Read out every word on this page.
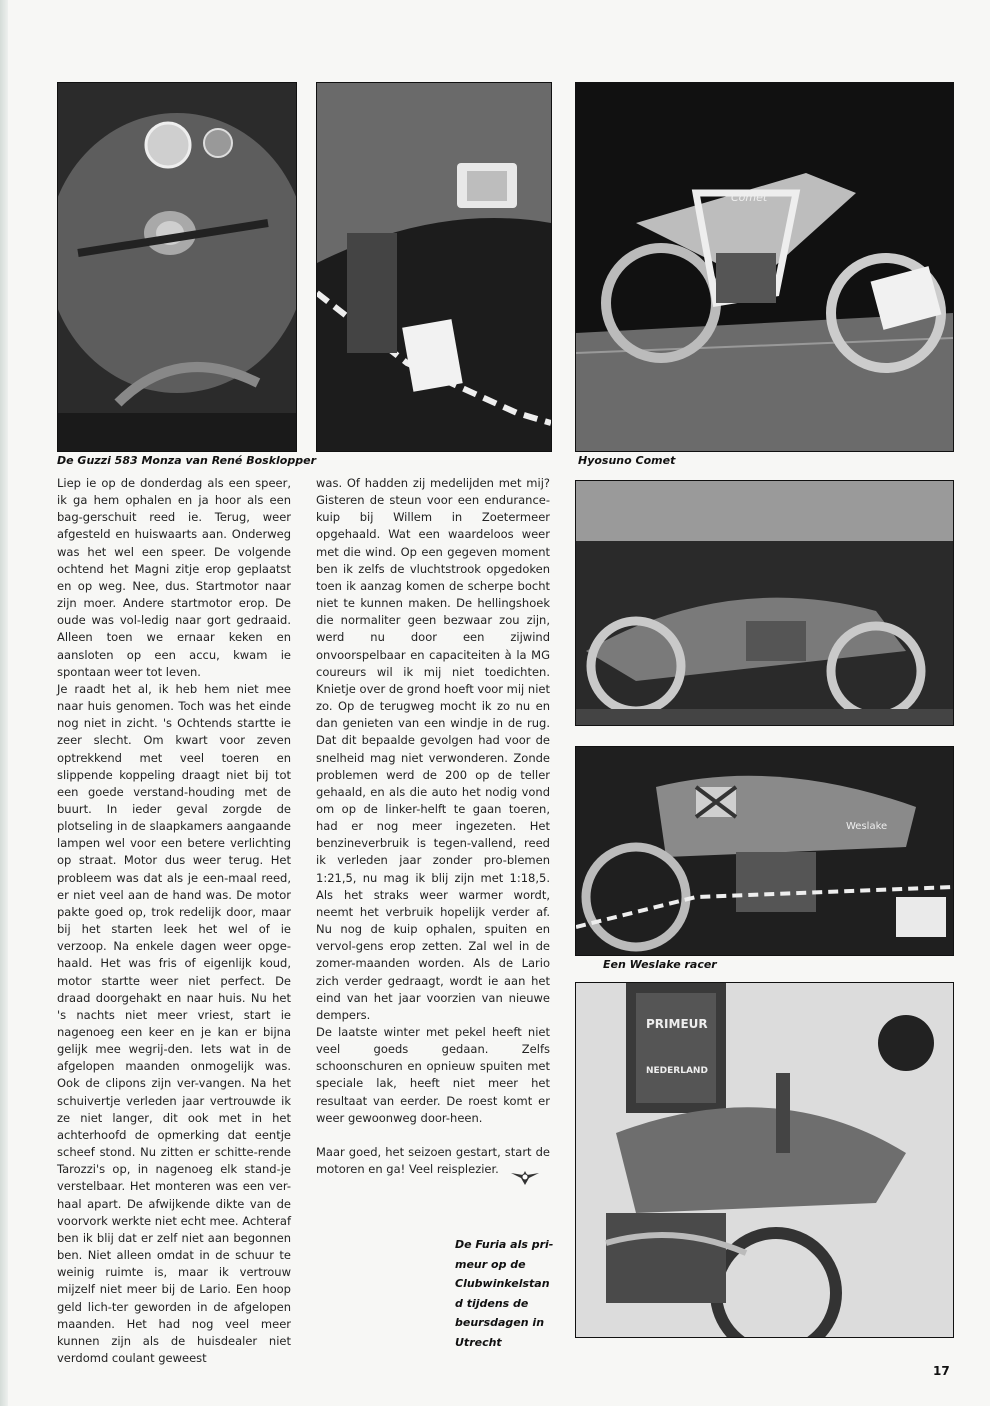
De Guzzi 583 Monza van René Bosklopper
Comet
Hyosuno Comet
Weslake
Een Weslake racer
PRIMEUR
NEDERLAND

Liep ie op de donderdag als een speer, ik ga hem ophalen en ja hoor als een bag-gerschuit reed ie. Terug, weer afgesteld en huiswaarts aan. Onderweg was het wel een speer. De volgende ochtend het Magni zitje erop geplaatst en op weg. Nee, dus. Startmotor naar zijn moer. Andere startmotor erop. De oude was vol-ledig naar gort gedraaid. Alleen toen we ernaar keken en aansloten op een accu, kwam ie spontaan weer tot leven.

Je raadt het al, ik heb hem niet mee naar huis genomen. Toch was het einde nog niet in zicht. 's Ochtends startte ie zeer slecht. Om kwart voor zeven optrekkend met veel toeren en slippende koppeling draagt niet bij tot een goede verstand-houding met de buurt. In ieder geval zorgde de plotseling in de slaapkamers aangaande lampen wel voor een betere verlichting op straat. Motor dus weer terug. Het probleem was dat als je een-maal reed, er niet veel aan de hand was. De motor pakte goed op, trok redelijk door, maar bij het starten leek het wel of ie verzoop. Na enkele dagen weer opge-haald. Het was fris of eigenlijk koud, motor startte weer niet perfect. De draad doorgehakt en naar huis. Nu het 's nachts niet meer vriest, start ie nagenoeg een keer en je kan er bijna gelijk mee wegrij-den. Iets wat in de afgelopen maanden onmogelijk was. Ook de clipons zijn ver-vangen. Na het schuivertje verleden jaar vertrouwde ik ze niet langer, dit ook met in het achterhoofd de opmerking dat eentje scheef stond. Nu zitten er schitte-rende Tarozzi's op, in nagenoeg elk stand-je verstelbaar. Het monteren was een ver-haal apart. De afwijkende dikte van de voorvork werkte niet echt mee. Achteraf ben ik blij dat er zelf niet aan begonnen ben. Niet alleen omdat in de schuur te weinig ruimte is, maar ik vertrouw mijzelf niet meer bij de Lario. Een hoop geld lich-ter geworden in de afgelopen maanden. Het had nog veel meer kunnen zijn als de huisdealer niet verdomd coulant geweest

was. Of hadden zij medelijden met mij? Gisteren de steun voor een endurance-kuip bij Willem in Zoetermeer opgehaald. Wat een waardeloos weer met die wind. Op een gegeven moment ben ik zelfs de vluchtstrook opgedoken toen ik aanzag komen de scherpe bocht niet te kunnen maken. De hellingshoek die normaliter geen bezwaar zou zijn, werd nu door een zijwind onvoorspelbaar en capaciteiten à la MG coureurs wil ik mij niet toedichten. Knietje over de grond hoeft voor mij niet zo. Op de terugweg mocht ik zo nu en dan genieten van een windje in de rug. Dat dit bepaalde gevolgen had voor de snelheid mag niet verwonderen. Zonde problemen werd de 200 op de teller gehaald, en als die auto het nodig vond om op de linker-helft te gaan toeren, had er nog meer ingezeten. Het benzineverbruik is tegen-vallend, reed ik verleden jaar zonder pro-blemen 1:21,5, nu mag ik blij zijn met 1:18,5. Als het straks weer warmer wordt, neemt het verbruik hopelijk verder af. Nu nog de kuip ophalen, spuiten en vervol-gens erop zetten. Zal wel in de zomer-maanden worden. Als de Lario zich verder gedraagt, wordt ie aan het eind van het jaar voorzien van nieuwe dempers.

De laatste winter met pekel heeft niet veel goeds gedaan. Zelfs schoonschuren en opnieuw spuiten met speciale lak, heeft niet meer het resultaat van eerder. De roest komt er weer gewoonweg door-heen.

Maar goed, het seizoen gestart, start de motoren en ga! Veel reisplezier.

De Furia als pri-
meur op de
Clubwinkelstan
d tijdens de
beursdagen in
Utrecht
17
